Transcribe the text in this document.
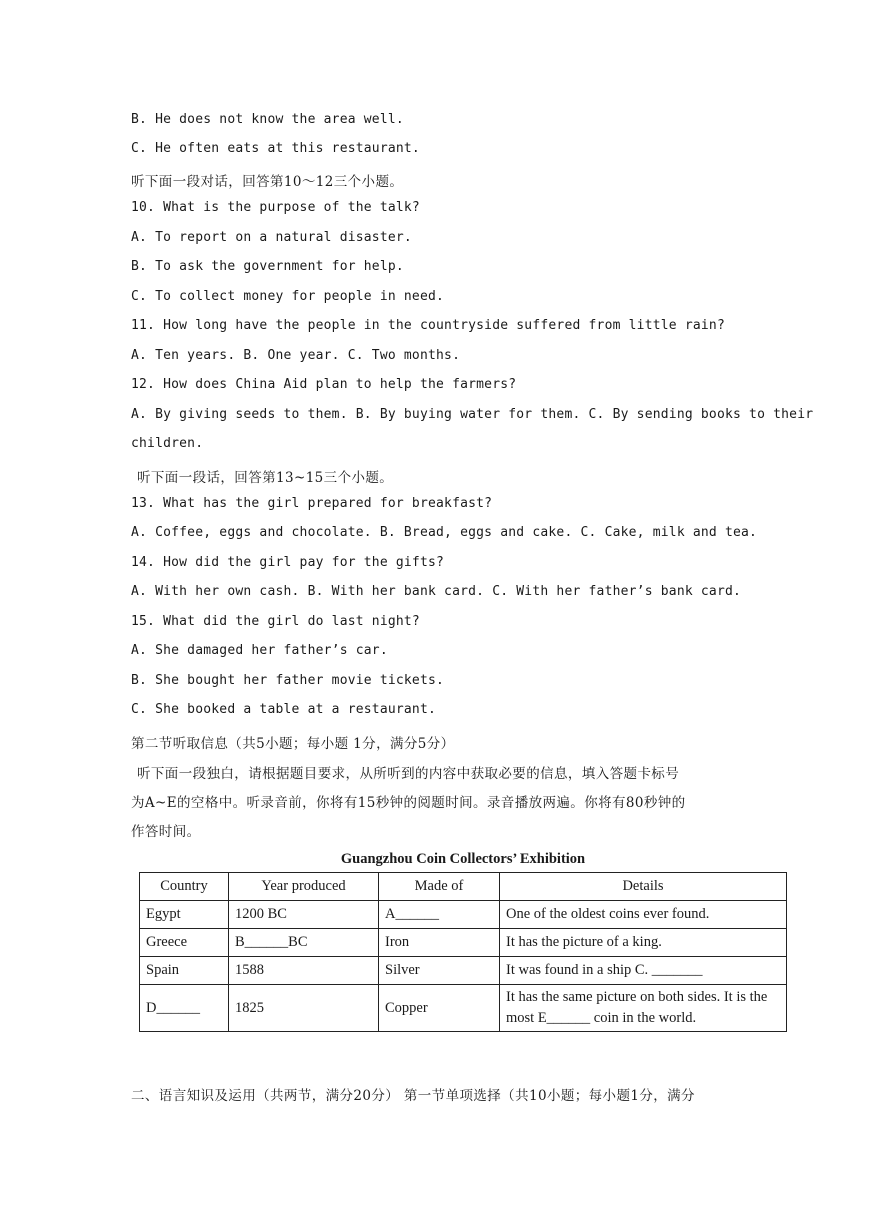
B. He does not know the area well.
C. He often eats at this restaurant.
听下面一段对话，回答第10～12三个小题。
10. What is the purpose of the talk?
A. To report on a natural disaster.
B. To ask the government for help.
C. To collect money for people in need.
11. How long have the people in the countryside suffered from little rain?
A. Ten years. B. One year. C. Two months.
12. How does China Aid plan to help the farmers?
A. By giving seeds to them. B. By buying water for them. C. By sending books to their
children.
听下面一段话，回答第13~15三个小题。
13. What has the girl prepared for breakfast?
A. Coffee, eggs and chocolate. B. Bread, eggs and cake. C. Cake, milk and tea.
14. How did the girl pay for the gifts?
A. With her own cash. B. With her bank card. C. With her father’s bank card.
15. What did the girl do last night?
A. She damaged her father’s car.
B. She bought her father movie tickets.
C. She booked a table at a restaurant.
第二节听取信息（共5小题；每小题 1分，满分5分）
听下面一段独白，请根据题目要求，从所听到的内容中获取必要的信息，填入答题卡标号
为A~E的空格中。听录音前，你将有15秒钟的阅题时间。录音播放两遍。你将有80秒钟的
作答时间。
Guangzhou Coin Collectors’ Exhibition
Country	Year produced	Made of	Details
Egypt	1200 BC	A______	One of the oldest coins ever found.
Greece	B______BC	Iron	It has the picture of a king.
Spain	1588	Silver	It was found in a ship C. _______
D______	1825	Copper	It has the same picture on both sides. It is the most E______ coin in the world.
二、语言知识及运用（共两节，满分20分） 第一节单项选择（共10小题；每小题1分，满分
